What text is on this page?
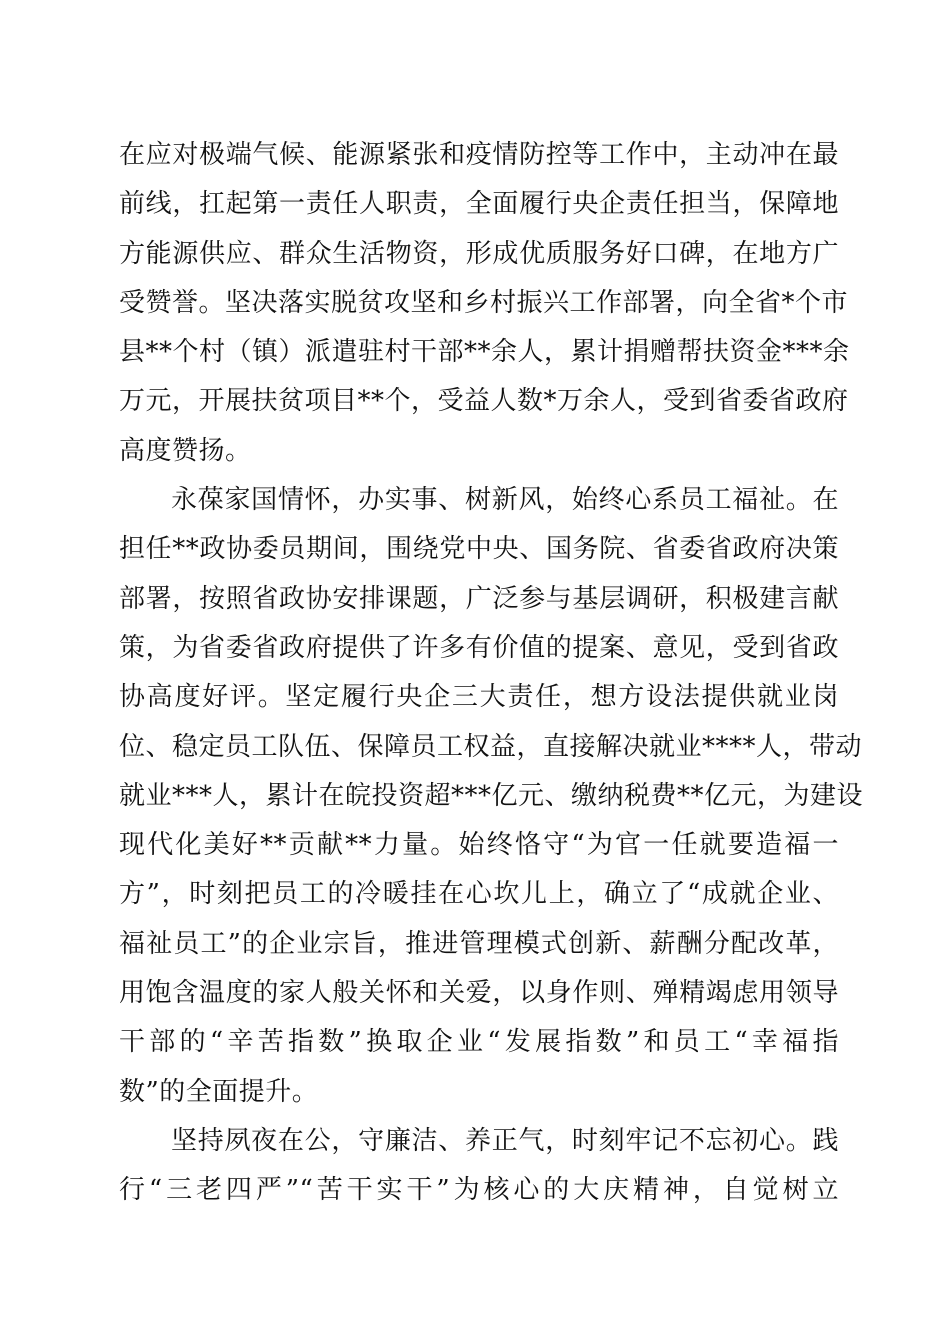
在应对极端气候、能源紧张和疫情防控等工作中，主动冲在最
前线，扛起第一责任人职责，全面履行央企责任担当，保障地
方能源供应、群众生活物资，形成优质服务好口碑，在地方广
受赞誉。坚决落实脱贫攻坚和乡村振兴工作部署，向全省*个市
县**个村（镇）派遣驻村干部**余人，累计捐赠帮扶资金***余
万元，开展扶贫项目**个，受益人数*万余人，受到省委省政府
高度赞扬。
永葆家国情怀，办实事、树新风，始终心系员工福祉。在
担任**政协委员期间，围绕党中央、国务院、省委省政府决策
部署，按照省政协安排课题，广泛参与基层调研，积极建言献
策，为省委省政府提供了许多有价值的提案、意见，受到省政
协高度好评。坚定履行央企三大责任，想方设法提供就业岗
位、稳定员工队伍、保障员工权益，直接解决就业****人，带动
就业***人，累计在皖投资超***亿元、缴纳税费**亿元，为建设
现代化美好**贡献**力量。始终恪守“为官一任就要造福一
方”，时刻把员工的冷暖挂在心坎儿上，确立了“成就企业、
福祉员工”的企业宗旨，推进管理模式创新、薪酬分配改革，
用饱含温度的家人般关怀和关爱，以身作则、殚精竭虑用领导
干部的“辛苦指数”换取企业“发展指数”和员工“幸福指
数”的全面提升。
坚持夙夜在公，守廉洁、养正气，时刻牢记不忘初心。践
行“三老四严”“苦干实干”为核心的大庆精神，自觉树立
